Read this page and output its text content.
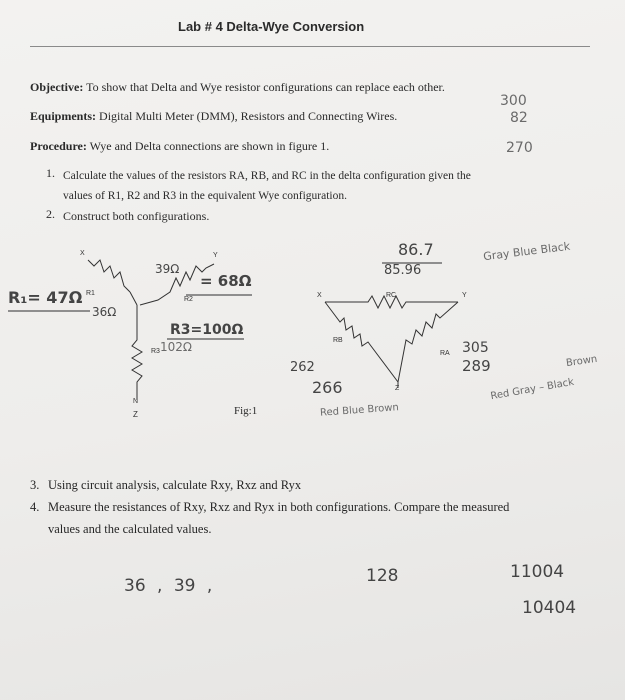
Lab # 4 Delta-Wye Conversion
Objective: To show that Delta and Wye resistor configurations can replace each other.
Equipments: Digital Multi Meter (DMM), Resistors and Connecting Wires.
Procedure: Wye and Delta connections are shown in figure 1.
1. Calculate the values of the resistors RA, RB, and RC in the delta configuration given the
values of R1, R2 and R3 in the equivalent Wye configuration.
2. Construct both configurations.
300
82
270
X	Y
N
R1
R2
R3
Z
X	Y
Z
RC
RB
RA
Fig:1
R₁= 47Ω
36Ω
39Ω
= 68Ω
R3=100Ω
102Ω
86.7
85.96
Gray Blue Black
262
266
Red Blue Brown
305
289	Brown
Red Gray – Black
3. Using circuit analysis, calculate Rxy, Rxz and Ryx
4. Measure the resistances of Rxy, Rxz and Ryx in both configurations. Compare the measured
values and the calculated values.
36 , 39 ,	128	11004
10404
